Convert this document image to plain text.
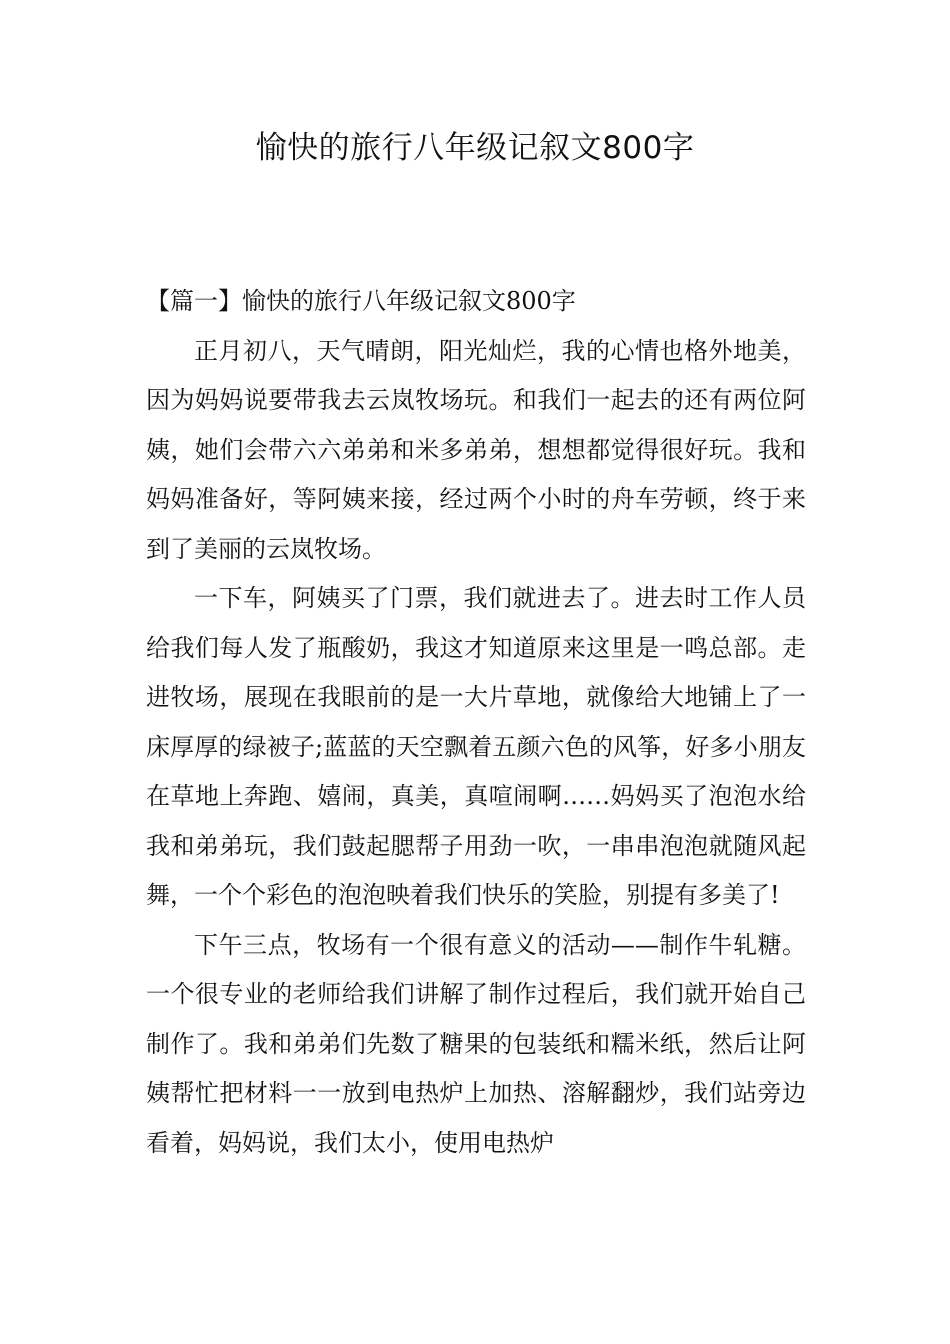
愉快的旅行八年级记叙文800字

【篇一】愉快的旅行八年级记叙文800字

正月初八，天气晴朗，阳光灿烂，我的心情也格外地美，因为妈妈说要带我去云岚牧场玩。和我们一起去的还有两位阿姨，她们会带六六弟弟和米多弟弟，想想都觉得很好玩。我和妈妈准备好，等阿姨来接，经过两个小时的舟车劳顿，终于来到了美丽的云岚牧场。

一下车，阿姨买了门票，我们就进去了。进去时工作人员给我们每人发了瓶酸奶，我这才知道原来这里是一鸣总部。走进牧场，展现在我眼前的是一大片草地，就像给大地铺上了一床厚厚的绿被子;蓝蓝的天空飘着五颜六色的风筝，好多小朋友在草地上奔跑、嬉闹，真美，真喧闹啊……妈妈买了泡泡水给我和弟弟玩，我们鼓起腮帮子用劲一吹，一串串泡泡就随风起舞，一个个彩色的泡泡映着我们快乐的笑脸，别提有多美了!

下午三点，牧场有一个很有意义的活动——制作牛轧糖。一个很专业的老师给我们讲解了制作过程后，我们就开始自己制作了。我和弟弟们先数了糖果的包装纸和糯米纸，然后让阿姨帮忙把材料一一放到电热炉上加热、溶解翻炒，我们站旁边看着，妈妈说，我们太小，使用电热炉
